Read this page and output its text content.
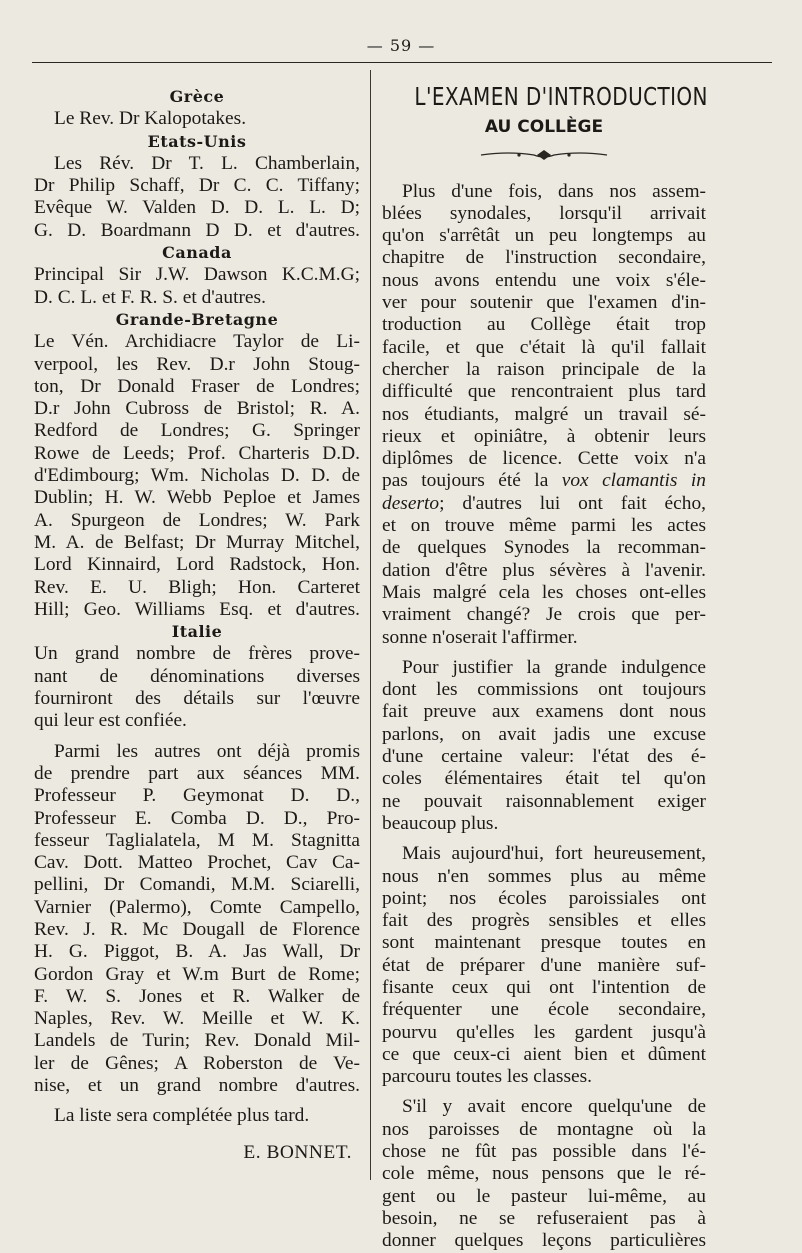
— 59 —

Grèce

Le Rev. Dr Kalopotakes.

Etats-Unis

Les Rév. Dr T. L. Chamberlain,

Dr Philip Schaff, Dr C. C. Tiffany;

Evêque W. Valden D. D. L. L. D;

G. D. Boardmann D D. et d'autres.

Canada

Principal Sir J.W. Dawson K.C.M.G;

D. C. L. et F. R. S. et d'autres.

Grande-Bretagne

Le Vén. Archidiacre Taylor de Li-

verpool, les Rev. D.r John Stoug-

ton, Dr Donald Fraser de Londres;

D.r John Cubross de Bristol; R. A.

Redford de Londres; G. Springer

Rowe de Leeds; Prof. Charteris D.D.

d'Edimbourg; Wm. Nicholas D. D. de

Dublin; H. W. Webb Peploe et James

A. Spurgeon de Londres; W. Park

M. A. de Belfast; Dr Murray Mitchel,

Lord Kinnaird, Lord Radstock, Hon.

Rev. E. U. Bligh; Hon. Carteret

Hill; Geo. Williams Esq. et d'autres.

Italie

Un grand nombre de frères prove-

nant de dénominations diverses

fourniront des détails sur l'œuvre

qui leur est confiée.

Parmi les autres ont déjà promis

de prendre part aux séances MM.

Professeur P. Geymonat D. D.,

Professeur E. Comba D. D., Pro-

fesseur Taglialatela, M M. Stagnitta

Cav. Dott. Matteo Prochet, Cav Ca-

pellini, Dr Comandi, M.M. Sciarelli,

Varnier (Palermo), Comte Campello,

Rev. J. R. Mc Dougall de Florence

H. G. Piggot, B. A. Jas Wall, Dr

Gordon Gray et W.m Burt de Rome;

F. W. S. Jones et R. Walker de

Naples, Rev. W. Meille et W. K.

Landels de Turin; Rev. Donald Mil-

ler de Gênes; A Roberston de Ve-

nise, et un grand nombre d'autres.

La liste sera complétée plus tard.

E. BONNET.

L'EXAMEN D'INTRODUCTION

AU COLLÈGE

Plus d'une fois, dans nos assem-

blées synodales, lorsqu'il arrivait

qu'on s'arrêtât un peu longtemps au

chapitre de l'instruction secondaire,

nous avons entendu une voix s'éle-

ver pour soutenir que l'examen d'in-

troduction au Collège était trop

facile, et que c'était là qu'il fallait

chercher la raison principale de la

difficulté que rencontraient plus tard

nos étudiants, malgré un travail sé-

rieux et opiniâtre, à obtenir leurs

diplômes de licence. Cette voix n'a

pas toujours été la vox clamantis in

deserto; d'autres lui ont fait écho,

et on trouve même parmi les actes

de quelques Synodes la recomman-

dation d'être plus sévères à l'avenir.

Mais malgré cela les choses ont-elles

vraiment changé? Je crois que per-

sonne n'oserait l'affirmer.

Pour justifier la grande indulgence

dont les commissions ont toujours

fait preuve aux examens dont nous

parlons, on avait jadis une excuse

d'une certaine valeur: l'état des é-

coles élémentaires était tel qu'on

ne pouvait raisonnablement exiger

beaucoup plus.

Mais aujourd'hui, fort heureusement,

nous n'en sommes plus au même

point; nos écoles paroissiales ont

fait des progrès sensibles et elles

sont maintenant presque toutes en

état de préparer d'une manière suf-

fisante ceux qui ont l'intention de

fréquenter une école secondaire,

pourvu qu'elles les gardent jusqu'à

ce que ceux-ci aient bien et dûment

parcouru toutes les classes.

S'il y avait encore quelqu'une de

nos paroisses de montagne où la

chose ne fût pas possible dans l'é-

cole même, nous pensons que le ré-

gent ou le pasteur lui-même, au

besoin, ne se refuseraient pas à

donner quelques leçons particulières
